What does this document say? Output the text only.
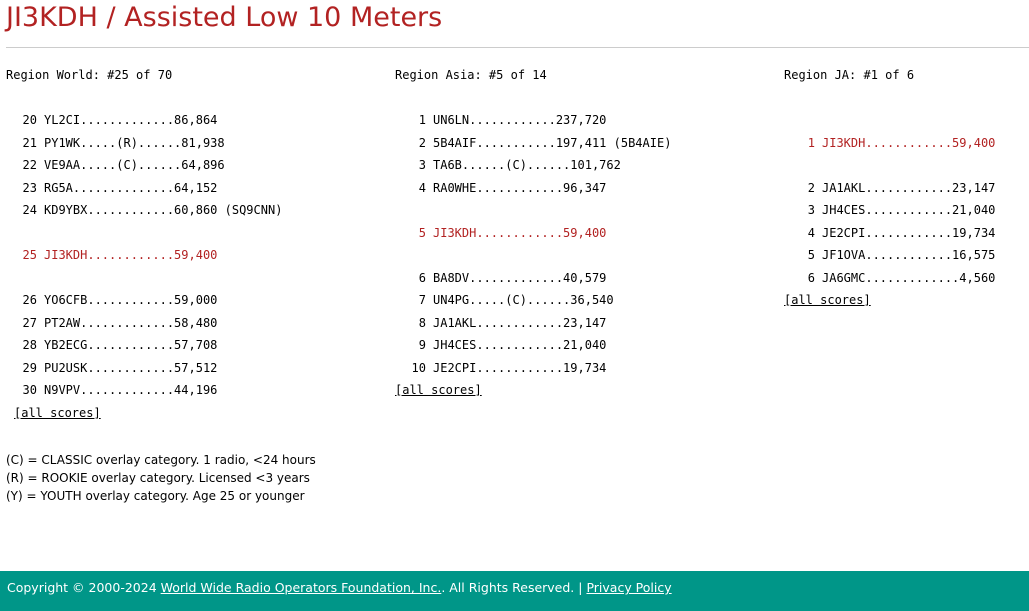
JI3KDH / Assisted Low 10 Meters
Region World: #25 of 70
20 YL2CI.............86,864
21 PY1WK.....(R)......81,938
22 VE9AA.....(C)......64,896
23 RG5A..............64,152
24 KD9YBX............60,860 (SQ9CNN)
25 JI3KDH............59,400
26 YO6CFB............59,000
27 PT2AW.............58,480
28 YB2ECG............57,708
29 PU2USK............57,512
30 N9VPV.............44,196
[all scores]
Region Asia: #5 of 14
1 UN6LN............237,720
2 5B4AIF...........197,411 (5B4AIE)
3 TA6B......(C)......101,762
4 RA0WHE............96,347
5 JI3KDH............59,400
6 BA8DV.............40,579
7 UN4PG.....(C)......36,540
8 JA1AKL............23,147
9 JH4CES............21,040
10 JE2CPI............19,734
[all scores]
Region JA: #1 of 6
1 JI3KDH............59,400
2 JA1AKL............23,147
3 JH4CES............21,040
4 JE2CPI............19,734
5 JF1OVA............16,575
6 JA6GMC.............4,560
[all scores]
(C) = CLASSIC overlay category. 1 radio, <24 hours
(R) = ROOKIE overlay category. Licensed <3 years
(Y) = YOUTH overlay category. Age 25 or younger
Copyright © 2000-2024 World Wide Radio Operators Foundation, Inc.. All Rights Reserved. | Privacy Policy
